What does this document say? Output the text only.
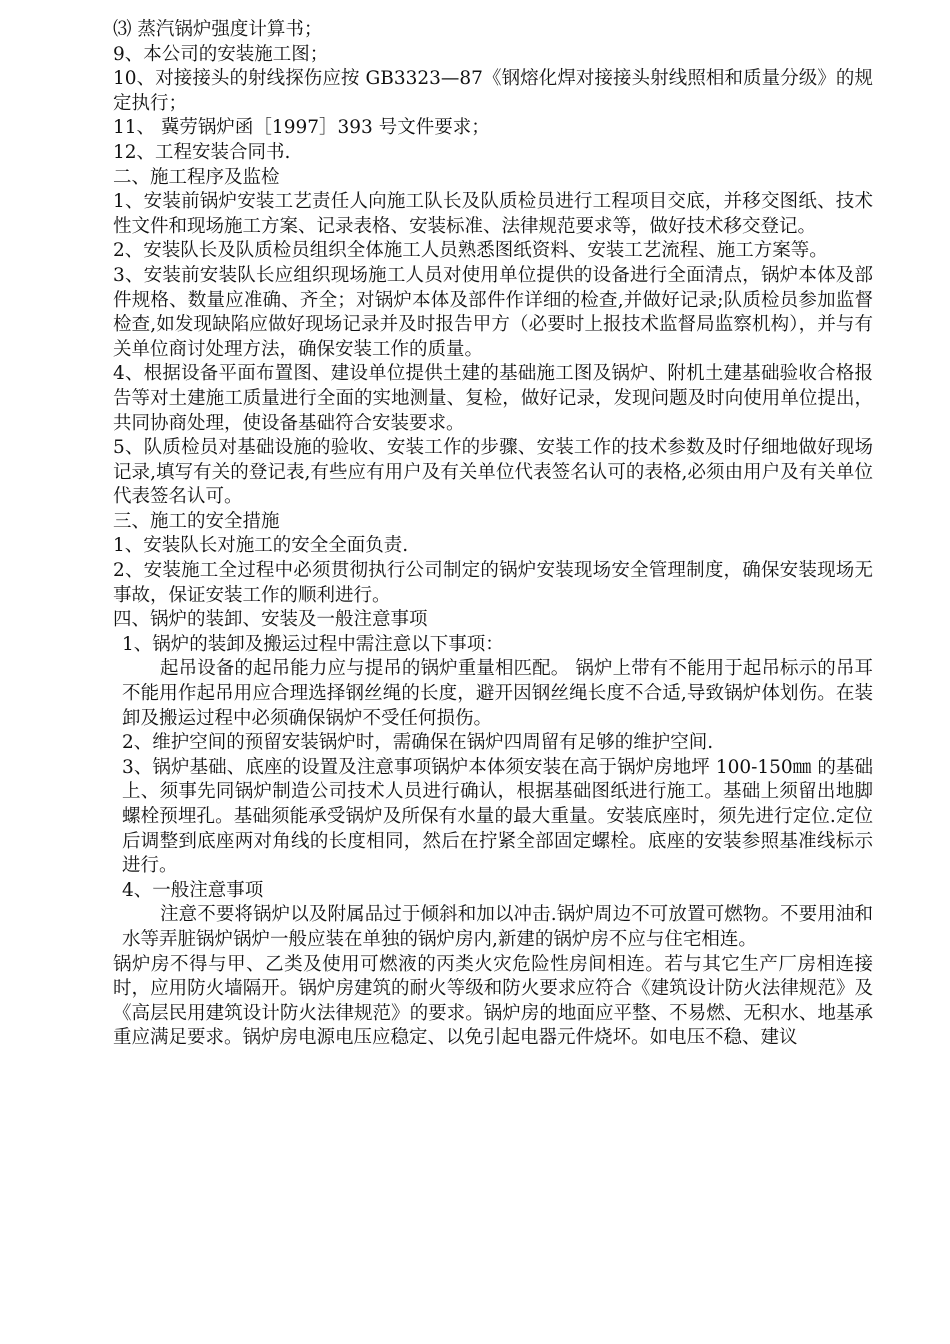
⑶ 蒸汽锅炉强度计算书；

9、本公司的安装施工图；

10、对接接头的射线探伤应按 GB3323—87《钢熔化焊对接接头射线照相和质量分级》的规定执行；

11、 冀劳锅炉函［1997］393 号文件要求；

12、工程安装合同书.

二、施工程序及监检

1、安装前锅炉安装工艺责任人向施工队长及队质检员进行工程项目交底，并移交图纸、技术性文件和现场施工方案、记录表格、安装标准、法律规范要求等，做好技术移交登记。

2、安装队长及队质检员组织全体施工人员熟悉图纸资料、安装工艺流程、施工方案等。

3、安装前安装队长应组织现场施工人员对使用单位提供的设备进行全面清点，锅炉本体及部件规格、数量应准确、齐全；对锅炉本体及部件作详细的检查,并做好记录;队质检员参加监督检查,如发现缺陷应做好现场记录并及时报告甲方（必要时上报技术监督局监察机构），并与有关单位商讨处理方法，确保安装工作的质量。

4、根据设备平面布置图、建设单位提供土建的基础施工图及锅炉、附机土建基础验收合格报告等对土建施工质量进行全面的实地测量、复检，做好记录，发现问题及时向使用单位提出，共同协商处理，使设备基础符合安装要求。

5、队质检员对基础设施的验收、安装工作的步骤、安装工作的技术参数及时仔细地做好现场记录,填写有关的登记表,有些应有用户及有关单位代表签名认可的表格,必须由用户及有关单位代表签名认可。

三、施工的安全措施

1、安装队长对施工的安全全面负责.

2、安装施工全过程中必须贯彻执行公司制定的锅炉安装现场安全管理制度，确保安装现场无事故，保证安装工作的顺利进行。

四、锅炉的装卸、安装及一般注意事项

1、锅炉的装卸及搬运过程中需注意以下事项：

起吊设备的起吊能力应与提吊的锅炉重量相匹配。 锅炉上带有不能用于起吊标示的吊耳不能用作起吊用应合理选择钢丝绳的长度，避开因钢丝绳长度不合适,导致锅炉体划伤。在装卸及搬运过程中必须确保锅炉不受任何损伤。

2、维护空间的预留安装锅炉时，需确保在锅炉四周留有足够的维护空间.

3、锅炉基础、底座的设置及注意事项锅炉本体须安装在高于锅炉房地坪 100-150㎜ 的基础上、须事先同锅炉制造公司技术人员进行确认，根据基础图纸进行施工。基础上须留出地脚螺栓预埋孔。基础须能承受锅炉及所保有水量的最大重量。安装底座时，须先进行定位.定位后调整到底座两对角线的长度相同，然后在拧紧全部固定螺栓。底座的安装参照基准线标示进行。

4、一般注意事项

注意不要将锅炉以及附属品过于倾斜和加以冲击.锅炉周边不可放置可燃物。不要用油和水等弄脏锅炉锅炉一般应装在单独的锅炉房内,新建的锅炉房不应与住宅相连。

锅炉房不得与甲、乙类及使用可燃液的丙类火灾危险性房间相连。若与其它生产厂房相连接时，应用防火墙隔开。锅炉房建筑的耐火等级和防火要求应符合《建筑设计防火法律规范》及《高层民用建筑设计防火法律规范》的要求。锅炉房的地面应平整、不易燃、无积水、地基承重应满足要求。锅炉房电源电压应稳定、以免引起电器元件烧坏。如电压不稳、建议
